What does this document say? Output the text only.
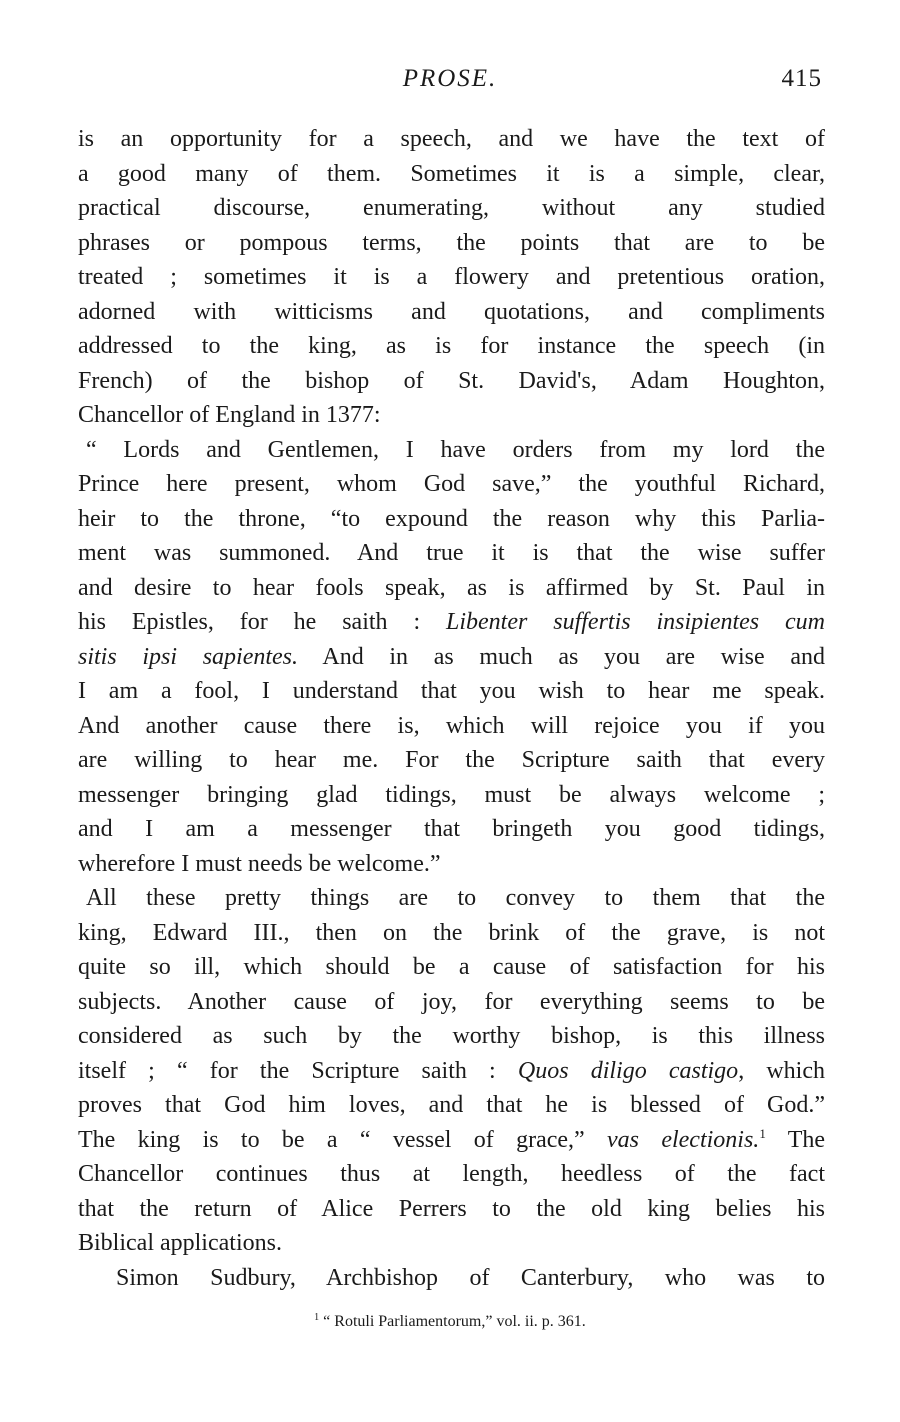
PROSE.	415
is an opportunity for a speech, and we have the text of
a good many of them. Sometimes it is a simple, clear,
practical discourse, enumerating, without any studied
phrases or pompous terms, the points that are to be
treated ; sometimes it is a flowery and pretentious oration,
adorned with witticisms and quotations, and compliments
addressed to the king, as is for instance the speech (in
French) of the bishop of St. David's, Adam Houghton,
Chancellor of England in 1377:
“ Lords and Gentlemen, I have orders from my lord the
Prince here present, whom God save,” the youthful Richard,
heir to the throne, “to expound the reason why this Parlia-
ment was summoned. And true it is that the wise suffer
and desire to hear fools speak, as is affirmed by St. Paul in
his Epistles, for he saith : Libenter suffertis insipientes cum
sitis ipsi sapientes. And in as much as you are wise and
I am a fool, I understand that you wish to hear me speak.
And another cause there is, which will rejoice you if you
are willing to hear me. For the Scripture saith that every
messenger bringing glad tidings, must be always welcome ;
and I am a messenger that bringeth you good tidings,
wherefore I must needs be welcome.”
All these pretty things are to convey to them that the
king, Edward III., then on the brink of the grave, is not
quite so ill, which should be a cause of satisfaction for his
subjects. Another cause of joy, for everything seems to be
considered as such by the worthy bishop, is this illness
itself ; “ for the Scripture saith : Quos diligo castigo, which
proves that God him loves, and that he is blessed of God.”
The king is to be a “ vessel of grace,” vas electionis.$^1$ The
Chancellor continues thus at length, heedless of the fact
that the return of Alice Perrers to the old king belies his
Biblical applications.
Simon Sudbury, Archbishop of Canterbury, who was to
$^1$ “ Rotuli Parliamentorum,” vol. ii. p. 361.
